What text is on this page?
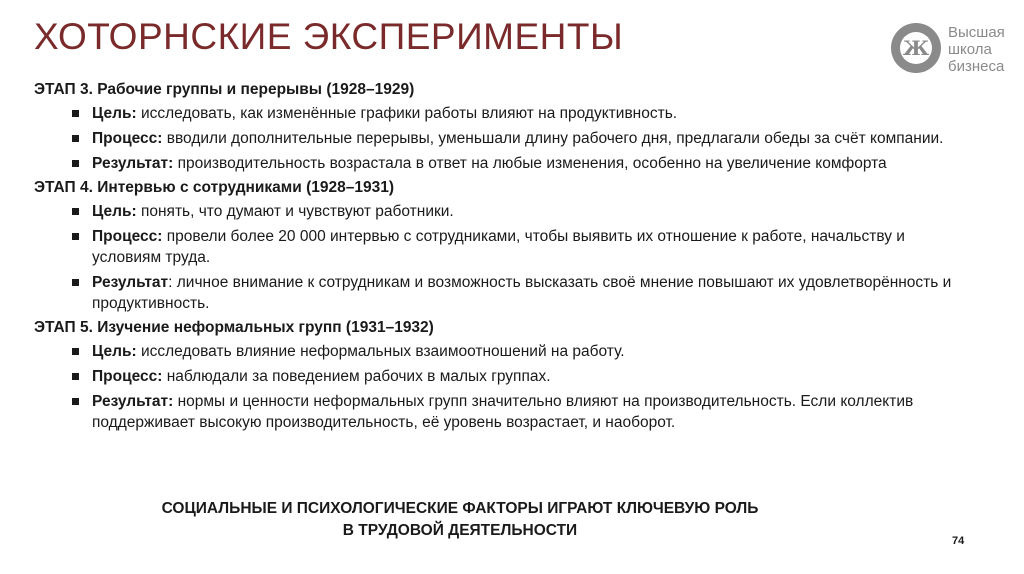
ХОТОРНСКИЕ ЭКСПЕРИМЕНТЫ	Ж
Высшая
школа
бизнеса
ЭТАП 3. Рабочие группы и перерывы (1928–1929)
Цель: исследовать, как изменённые графики работы влияют на продуктивность.
Процесс: вводили дополнительные перерывы, уменьшали длину рабочего дня, предлагали обеды за счёт компании.
Результат: производительность возрастала в ответ на любые изменения, особенно на увеличение комфорта
ЭТАП 4. Интервью с сотрудниками (1928–1931)
Цель: понять, что думают и чувствуют работники.
Процесс: провели более 20 000 интервью с сотрудниками, чтобы выявить их отношение к работе, начальству и условиям труда.
Результат: личное внимание к сотрудникам и возможность высказать своё мнение повышают их удовлетворённость и продуктивность.
ЭТАП 5. Изучение неформальных групп (1931–1932)
Цель: исследовать влияние неформальных взаимоотношений на работу.
Процесс: наблюдали за поведением рабочих в малых группах.
Результат: нормы и ценности неформальных групп значительно влияют на производительность. Если коллектив поддерживает высокую производительность, её уровень возрастает, и наоборот.
СОЦИАЛЬНЫЕ И ПСИХОЛОГИЧЕСКИЕ ФАКТОРЫ ИГРАЮТ КЛЮЧЕВУЮ РОЛЬ
В ТРУДОВОЙ ДЕЯТЕЛЬНОСТИ
74
